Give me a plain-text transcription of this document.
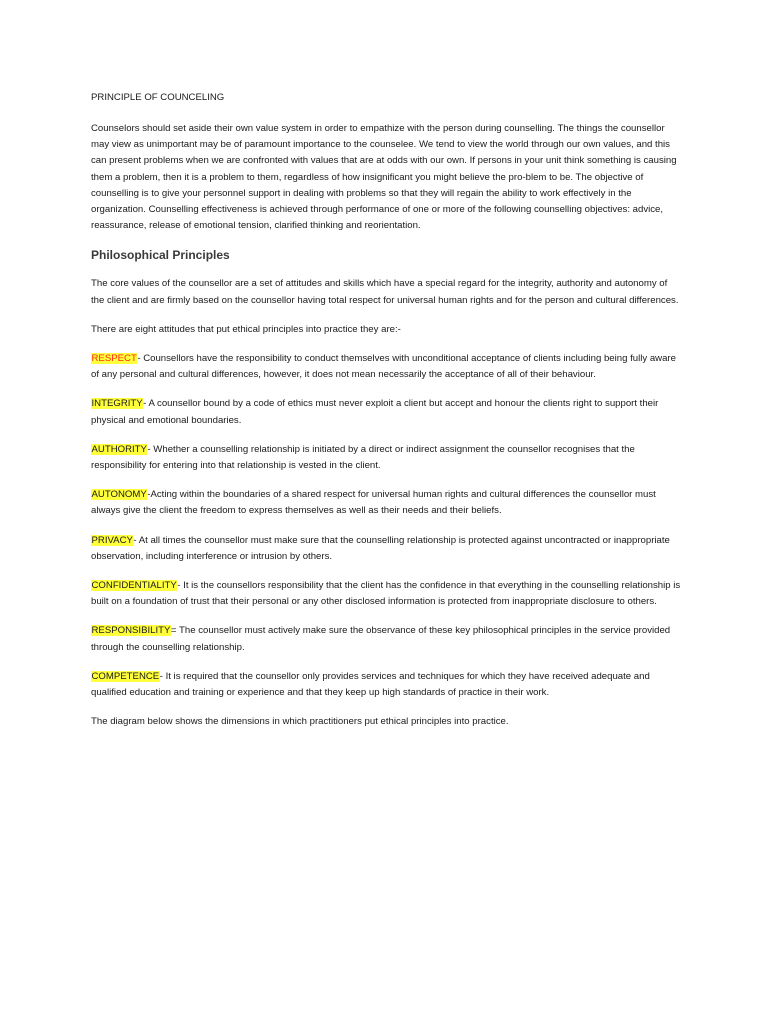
PRINCIPLE OF COUNCELING

Counselors should set aside their own value system in order to empathize with the person during counselling. The things the counsellor may view as unimportant may be of paramount importance to the counselee. We tend to view the world through our own values, and this can present problems when we are confronted with values that are at odds with our own. If persons in your unit think something is causing them a problem, then it is a problem to them, regardless of how insignificant you might believe the pro-blem to be. The objective of counselling is to give your personnel support in dealing with problems so that they will regain the ability to work effectively in the organization. Counselling effectiveness is achieved through performance of one or more of the following counselling objectives: advice, reassurance, release of emotional tension, clarified thinking and reorientation.

Philosophical Principles

The core values of the counsellor are a set of attitudes and skills which have a special regard for the integrity, authority and autonomy of the client and are firmly based on the counsellor having total respect for universal human rights and for the person and cultural differences.

There are eight attitudes that put ethical principles into practice they are:-

RESPECT- Counsellors have the responsibility to conduct themselves with unconditional acceptance of clients including being fully aware of any personal and cultural differences, however, it does not mean necessarily the acceptance of all of their behaviour.

INTEGRITY- A counsellor bound by a code of ethics must never exploit a client but accept and honour the clients right to support their physical and emotional boundaries.

AUTHORITY- Whether a counselling relationship is initiated by a direct or indirect assignment the counsellor recognises that the responsibility for entering into that relationship is vested in the client.

AUTONOMY-Acting within the boundaries of a shared respect for universal human rights and cultural differences the counsellor must always give the client the freedom to express themselves as well as their needs and their beliefs.

PRIVACY- At all times the counsellor must make sure that the counselling relationship is protected against uncontracted or inappropriate observation, including interference or intrusion by others.

CONFIDENTIALITY- It is the counsellors responsibility that the client has the confidence in that everything in the counselling relationship is built on a foundation of trust that their personal or any other disclosed information is protected from inappropriate disclosure to others.

RESPONSIBILITY= The counsellor must actively make sure the observance of these key philosophical principles in the service provided through the counselling relationship.

COMPETENCE- It is required that the counsellor only provides services and techniques for which they have received adequate and qualified education and training or experience and that they keep up high standards of practice in their work.

The diagram below shows the dimensions in which practitioners put ethical principles into practice.
